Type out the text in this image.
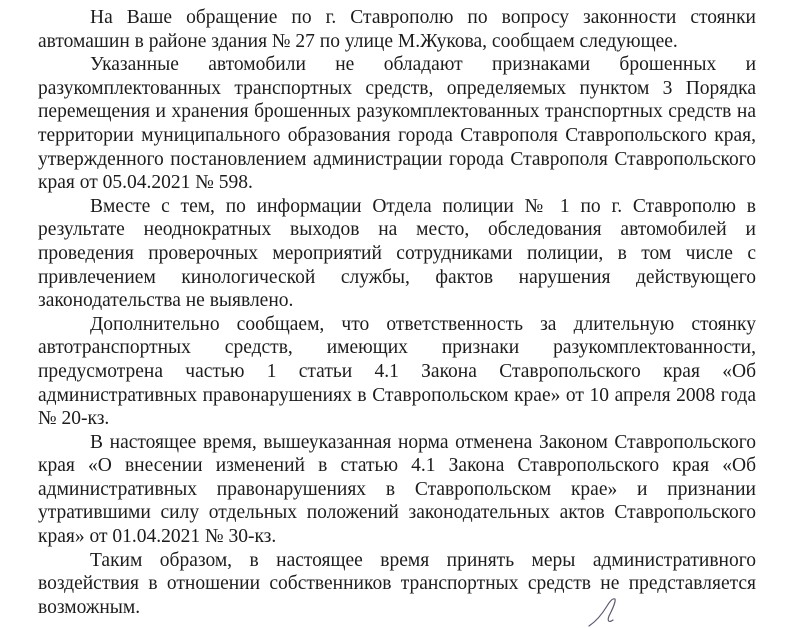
На Ваше обращение по г. Ставрополю по вопросу законности стоянки автомашин в районе здания № 27 по улице М.Жукова, сообщаем следующее.

Указанные автомобили не обладают признаками брошенных и разукомплектованных транспортных средств, определяемых пунктом 3 Порядка перемещения и хранения брошенных разукомплектованных транспортных средств на территории муниципального образования города Ставрополя Ставропольского края, утвержденного постановлением администрации города Ставрополя Ставропольского края от 05.04.2021 № 598.

Вместе с тем, по информации Отдела полиции № 1 по г. Ставрополю в результате неоднократных выходов на место, обследования автомобилей и проведения проверочных мероприятий сотрудниками полиции, в том числе с привлечением кинологической службы, фактов нарушения действующего законодательства не выявлено.

Дополнительно сообщаем, что ответственность за длительную стоянку автотранспортных средств, имеющих признаки разукомплектованности, предусмотрена частью 1 статьи 4.1 Закона Ставропольского края «Об административных правонарушениях в Ставропольском крае» от 10 апреля 2008 года № 20-кз.

В настоящее время, вышеуказанная норма отменена Законом Ставропольского края «О внесении изменений в статью 4.1 Закона Ставропольского края «Об административных правонарушениях в Ставропольском крае» и признании утратившими силу отдельных положений законодательных актов Ставропольского края» от 01.04.2021 № 30-кз.

Таким образом, в настоящее время принять меры административного воздействия в отношении собственников транспортных средств не представляется возможным.
